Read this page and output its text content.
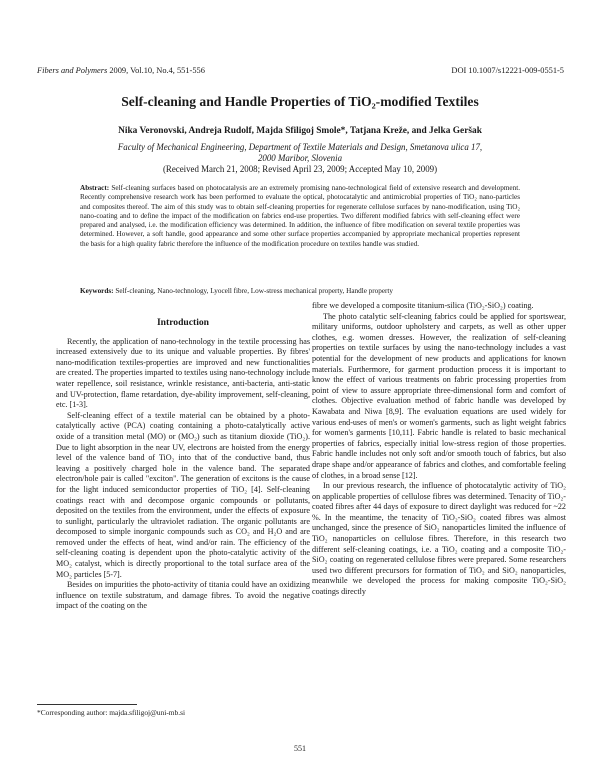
Fibers and Polymers 2009, Vol.10, No.4, 551-556	DOI 10.1007/s12221-009-0551-5
Self-cleaning and Handle Properties of TiO₂-modified Textiles
Nika Veronovski, Andreja Rudolf, Majda Sfiligoj Smole*, Tatjana Kreže, and Jelka Geršak
Faculty of Mechanical Engineering, Department of Textile Materials and Design, Smetanova ulica 17,
2000 Maribor, Slovenia
(Received March 21, 2008; Revised April 23, 2009; Accepted May 10, 2009)
Abstract: Self-cleaning surfaces based on photocatalysis are an extremely promising nano-technological field of extensive research and development. Recently comprehensive research work has been performed to evaluate the optical, photocatalytic and antimicrobial properties of TiO₂ nano-particles and composites thereof. The aim of this study was to obtain self-cleaning properties for regenerate cellulose surfaces by nano-modification, using TiO₂ nano-coating and to define the impact of the modification on fabrics end-use properties. Two different modified fabrics with self-cleaning effect were prepared and analysed, i.e. the modification efficiency was determined. In addition, the influence of fibre modification on several textile properties was determined. However, a soft handle, good appearance and some other surface properties accompanied by appropriate mechanical properties represent the basis for a high quality fabric therefore the influence of the modification procedure on textiles handle was studied.
Keywords: Self-cleaning, Nano-technology, Lyocell fibre, Low-stress mechanical property, Handle property
Introduction

Recently, the application of nano-technology in the textile processing has increased extensively due to its unique and valuable properties. By fibres' nano-modification textiles-properties are improved and new functionalities are created. The properties imparted to textiles using nano-technology include water repellence, soil resistance, wrinkle resistance, anti-bacteria, anti-static and UV-protection, flame retardation, dye-ability improvement, self-cleaning, etc. [1-3].

Self-cleaning effect of a textile material can be obtained by a photo-catalytically active (PCA) coating containing a photo-catalytically active oxide of a transition metal (MO) or (MO₂) such as titanium dioxide (TiO₂). Due to light absorption in the near UV, electrons are hoisted from the energy level of the valence band of TiO₂ into that of the conductive band, thus leaving a positively charged hole in the valence band. The separated electron/hole pair is called "exciton". The generation of excitons is the cause for the light induced semiconductor properties of TiO₂ [4]. Self-cleaning coatings react with and decompose organic compounds or pollutants, deposited on the textiles from the environment, under the effects of exposure to sunlight, particularly the ultraviolet radiation. The organic pollutants are decomposed to simple inorganic compounds such as CO₂ and H₂O and are removed under the effects of heat, wind and/or rain. The efficiency of the self-cleaning coating is dependent upon the photo-catalytic activity of the MO₂ catalyst, which is directly proportional to the total surface area of the MO₂ particles [5-7].

Besides on impurities the photo-activity of titania could have an oxidizing influence on textile substratum, and damage fibres. To avoid the negative impact of the coating on the

fibre we developed a composite titanium-silica (TiO₂-SiO₂) coating.

The photo catalytic self-cleaning fabrics could be applied for sportswear, military uniforms, outdoor upholstery and carpets, as well as other upper clothes, e.g. women dresses. However, the realization of self-cleaning properties on textile surfaces by using the nano-technology includes a vast potential for the development of new products and applications for known materials. Furthermore, for garment production process it is important to know the effect of various treatments on fabric processing properties from point of view to assure appropriate three-dimensional form and comfort of clothes. Objective evaluation method of fabric handle was developed by Kawabata and Niwa [8,9]. The evaluation equations are used widely for various end-uses of men's or women's garments, such as light weight fabrics for women's garments [10,11]. Fabric handle is related to basic mechanical properties of fabrics, especially initial low-stress region of those properties. Fabric handle includes not only soft and/or smooth touch of fabrics, but also drape shape and/or appearance of fabrics and clothes, and comfortable feeling of clothes, in a broad sense [12].

In our previous research, the influence of photocatalytic activity of TiO₂ on applicable properties of cellulose fibres was determined. Tenacity of TiO₂-coated fibres after 44 days of exposure to direct daylight was reduced for ~22 %. In the meantime, the tenacity of TiO₂-SiO₂ coated fibres was almost unchanged, since the presence of SiO₂ nanoparticles limited the influence of TiO₂ nanoparticles on cellulose fibres. Therefore, in this research two different self-cleaning coatings, i.e. a TiO₂ coating and a composite TiO₂-SiO₂ coating on regenerated cellulose fibres were prepared. Some researchers used two different precursors for formation of TiO₂ and SiO₂ nanoparticles, meanwhile we developed the process for making composite TiO₂-SiO₂ coatings directly

*Corresponding author: majda.sfiligoj@uni-mb.si
551
